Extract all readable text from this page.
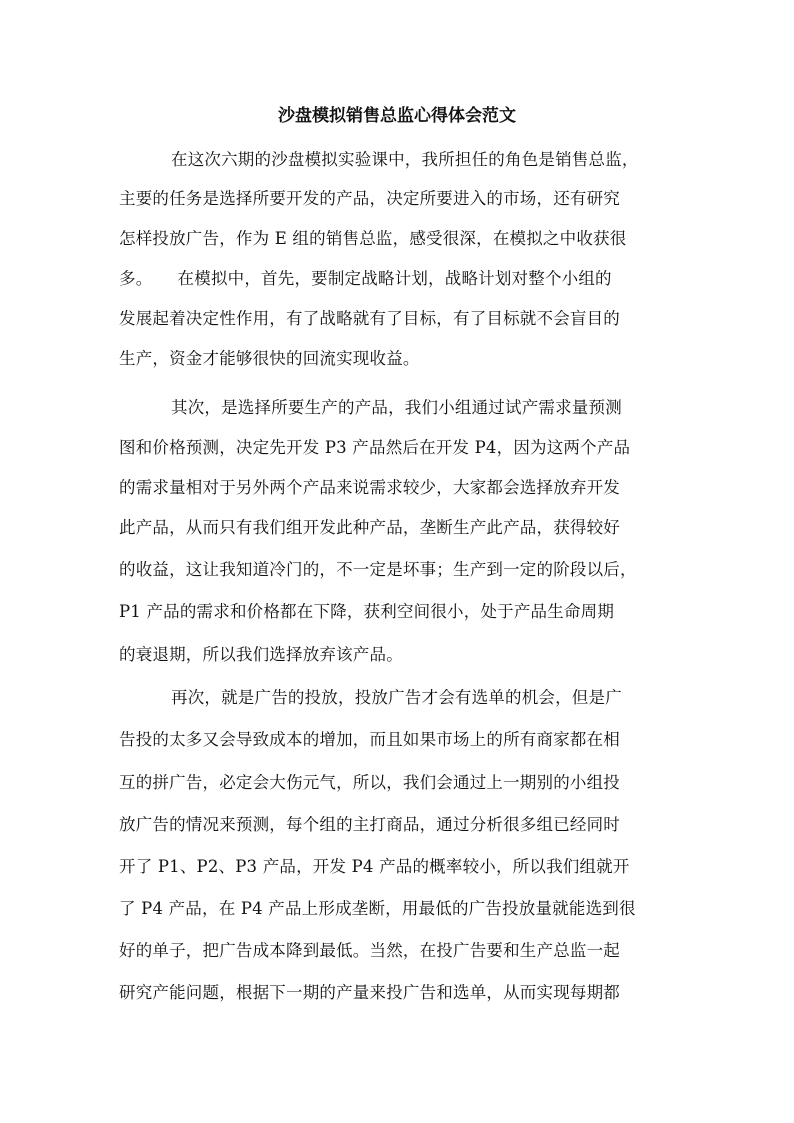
沙盘模拟销售总监心得体会范文
在这次六期的沙盘模拟实验课中，我所担任的角色是销售总监，
主要的任务是选择所要开发的产品，决定所要进入的市场，还有研究
怎样投放广告，作为 E 组的销售总监，感受很深，在模拟之中收获很
多。　　在模拟中，首先，要制定战略计划，战略计划对整个小组的
发展起着决定性作用，有了战略就有了目标，有了目标就不会盲目的
生产，资金才能够很快的回流实现收益。
其次，是选择所要生产的产品，我们小组通过试产需求量预测
图和价格预测，决定先开发 P3 产品然后在开发 P4，因为这两个产品
的需求量相对于另外两个产品来说需求较少，大家都会选择放弃开发
此产品，从而只有我们组开发此种产品，垄断生产此产品，获得较好
的收益，这让我知道冷门的，不一定是坏事；生产到一定的阶段以后，
P1 产品的需求和价格都在下降，获利空间很小，处于产品生命周期
的衰退期，所以我们选择放弃该产品。
再次，就是广告的投放，投放广告才会有选单的机会，但是广
告投的太多又会导致成本的增加，而且如果市场上的所有商家都在相
互的拼广告，必定会大伤元气，所以，我们会通过上一期别的小组投
放广告的情况来预测，每个组的主打商品，通过分析很多组已经同时
开了 P1、P2、P3 产品，开发 P4 产品的概率较小，所以我们组就开
了 P4 产品，在 P4 产品上形成垄断，用最低的广告投放量就能选到很
好的单子，把广告成本降到最低。当然，在投广告要和生产总监一起
研究产能问题，根据下一期的产量来投广告和选单，从而实现每期都
